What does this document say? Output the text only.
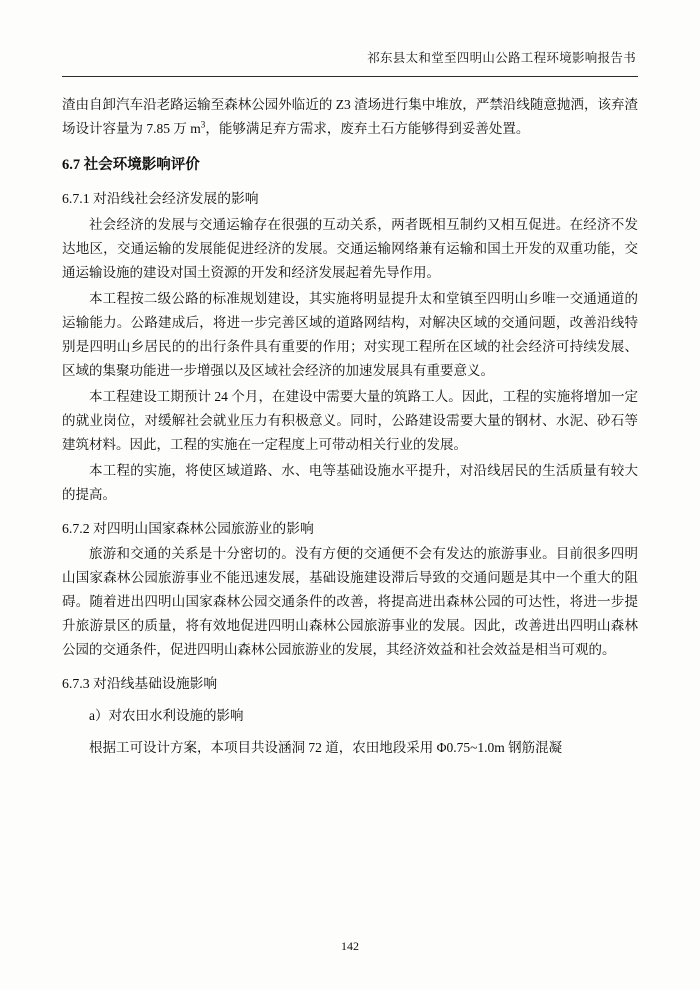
祁东县太和堂至四明山公路工程环境影响报告书

渣由自卸汽车沿老路运输至森林公园外临近的 Z3 渣场进行集中堆放，严禁沿线随意抛洒，该弃渣场设计容量为 7.85 万 $m^3$，能够满足弃方需求，废弃土石方能够得到妥善处置。

6.7 社会环境影响评价

6.7.1 对沿线社会经济发展的影响

社会经济的发展与交通运输存在很强的互动关系，两者既相互制约又相互促进。在经济不发达地区，交通运输的发展能促进经济的发展。交通运输网络兼有运输和国土开发的双重功能，交通运输设施的建设对国土资源的开发和经济发展起着先导作用。

本工程按二级公路的标准规划建设，其实施将明显提升太和堂镇至四明山乡唯一交通通道的运输能力。公路建成后，将进一步完善区域的道路网结构，对解决区域的交通问题，改善沿线特别是四明山乡居民的的出行条件具有重要的作用；对实现工程所在区域的社会经济可持续发展、区域的集聚功能进一步增强以及区域社会经济的加速发展具有重要意义。

本工程建设工期预计 24 个月，在建设中需要大量的筑路工人。因此，工程的实施将增加一定的就业岗位，对缓解社会就业压力有积极意义。同时，公路建设需要大量的钢材、水泥、砂石等建筑材料。因此，工程的实施在一定程度上可带动相关行业的发展。

本工程的实施，将使区域道路、水、电等基础设施水平提升，对沿线居民的生活质量有较大的提高。

6.7.2 对四明山国家森林公园旅游业的影响

旅游和交通的关系是十分密切的。没有方便的交通便不会有发达的旅游事业。目前很多四明山国家森林公园旅游事业不能迅速发展，基础设施建设滞后导致的交通问题是其中一个重大的阻碍。随着进出四明山国家森林公园交通条件的改善，将提高进出森林公园的可达性，将进一步提升旅游景区的质量，将有效地促进四明山森林公园旅游事业的发展。因此，改善进出四明山森林公园的交通条件，促进四明山森林公园旅游业的发展，其经济效益和社会效益是相当可观的。

6.7.3 对沿线基础设施影响

a）对农田水利设施的影响

根据工可设计方案，本项目共设涵洞 72 道，农田地段采用 Φ0.75~1.0m 钢筋混凝

142
